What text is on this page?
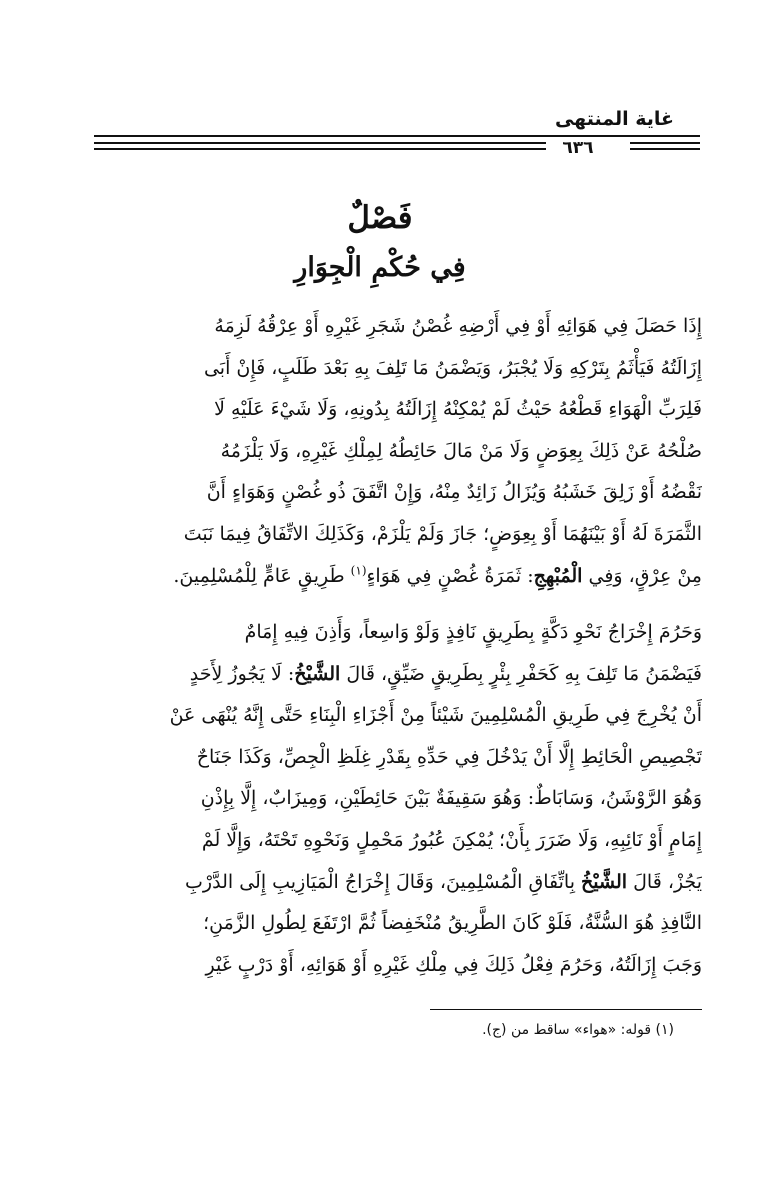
غاية المنتهى
٦٣٦
فَصْلٌ
فِي حُكْمِ الْجِوَارِ

إِذَا حَصَلَ فِي هَوَائِهِ أَوْ فِي أَرْضِهِ غُصْنُ شَجَرِ غَيْرِهِ أَوْ عِرْقُهُ لَزِمَهُ
إِزَالَتُهُ فَيَأْثَمُ بِتَرْكِهِ وَلَا يُجْبَرُ، وَيَضْمَنُ مَا تَلِفَ بِهِ بَعْدَ طَلَبٍ، فَإِنْ أَبَى
فَلِرَبِّ الْهَوَاءِ قَطْعُهُ حَيْثُ لَمْ يُمْكِنْهُ إِزَالَتُهُ بِدُونِهِ، وَلَا شَيْءَ عَلَيْهِ لَا
صُلْحُهُ عَنْ ذَلِكَ بِعِوَضٍ وَلَا مَنْ مَالَ حَائِطُهُ لِمِلْكِ غَيْرِهِ، وَلَا يَلْزَمُهُ
نَقْضُهُ أَوْ زَلِقَ خَشَبُهُ وَيُزَالُ زَائِدٌ مِنْهُ، وَإِنْ اتَّفَقَ ذُو غُصْنٍ وَهَوَاءٍ أَنَّ
الثَّمَرَةَ لَهُ أَوْ بَيْنَهُمَا أَوْ بِعِوَضٍ؛ جَازَ وَلَمْ يَلْزَمْ، وَكَذَلِكَ الاتِّفَاقُ فِيمَا نَبَتَ
مِنْ عِرْقٍ، وَفِي الْمُبْهِجِ: ثَمَرَةُ غُصْنٍ فِي هَوَاءٍ$^{(١)}$ طَرِيقٍ عَامٍّ لِلْمُسْلِمِينَ.

وَحَرُمَ إِخْرَاجُ نَحْوِ دَكَّةٍ بِطَرِيقٍ نَافِذٍ وَلَوْ وَاسِعاً، وَأَذِنَ فِيهِ إِمَامٌ
فَيَضْمَنُ مَا تَلِفَ بِهِ كَحَفْرِ بِئْرٍ بِطَرِيقٍ ضَيِّقٍ، قَالَ الشَّيْخُ: لَا يَجُوزُ لِأَحَدٍ
أَنْ يُخْرِجَ فِي طَرِيقِ الْمُسْلِمِينَ شَيْئاً مِنْ أَجْزَاءِ الْبِنَاءِ حَتَّى إِنَّهُ يُنْهَى عَنْ
تَجْصِيصِ الْحَائِطِ إِلَّا أَنْ يَدْخُلَ فِي حَدِّهِ بِقَدْرِ غِلَظِ الْجِصِّ، وَكَذَا جَنَاحٌ
وَهُوَ الرَّوْشَنُ، وَسَابَاطٌ: وَهُوَ سَقِيفَةٌ بَيْنَ حَائِطَيْنِ، وَمِيزَابٌ، إِلَّا بِإِذْنِ
إِمَامٍ أَوْ نَائِبِهِ، وَلَا ضَرَرَ بِأَنْ؛ يُمْكِنَ عُبُورُ مَحْمِلٍ وَنَحْوِهِ تَحْتَهُ، وَإِلَّا لَمْ
يَجُزْ، قَالَ الشَّيْخُ بِاتِّفَاقِ الْمُسْلِمِينَ، وَقَالَ إِخْرَاجُ الْمَيَازِيبِ إِلَى الدَّرْبِ
النَّافِذِ هُوَ السُّنَّةُ، فَلَوْ كَانَ الطَّرِيقُ مُنْخَفِضاً ثُمَّ ارْتَفَعَ لِطُولِ الزَّمَنِ؛
وَجَبَ إِزَالَتُهُ، وَحَرُمَ فِعْلُ ذَلِكَ فِي مِلْكِ غَيْرِهِ أَوْ هَوَائِهِ، أَوْ دَرْبٍ غَيْرِ

(١) قوله: «هواء» ساقط من (ج).
